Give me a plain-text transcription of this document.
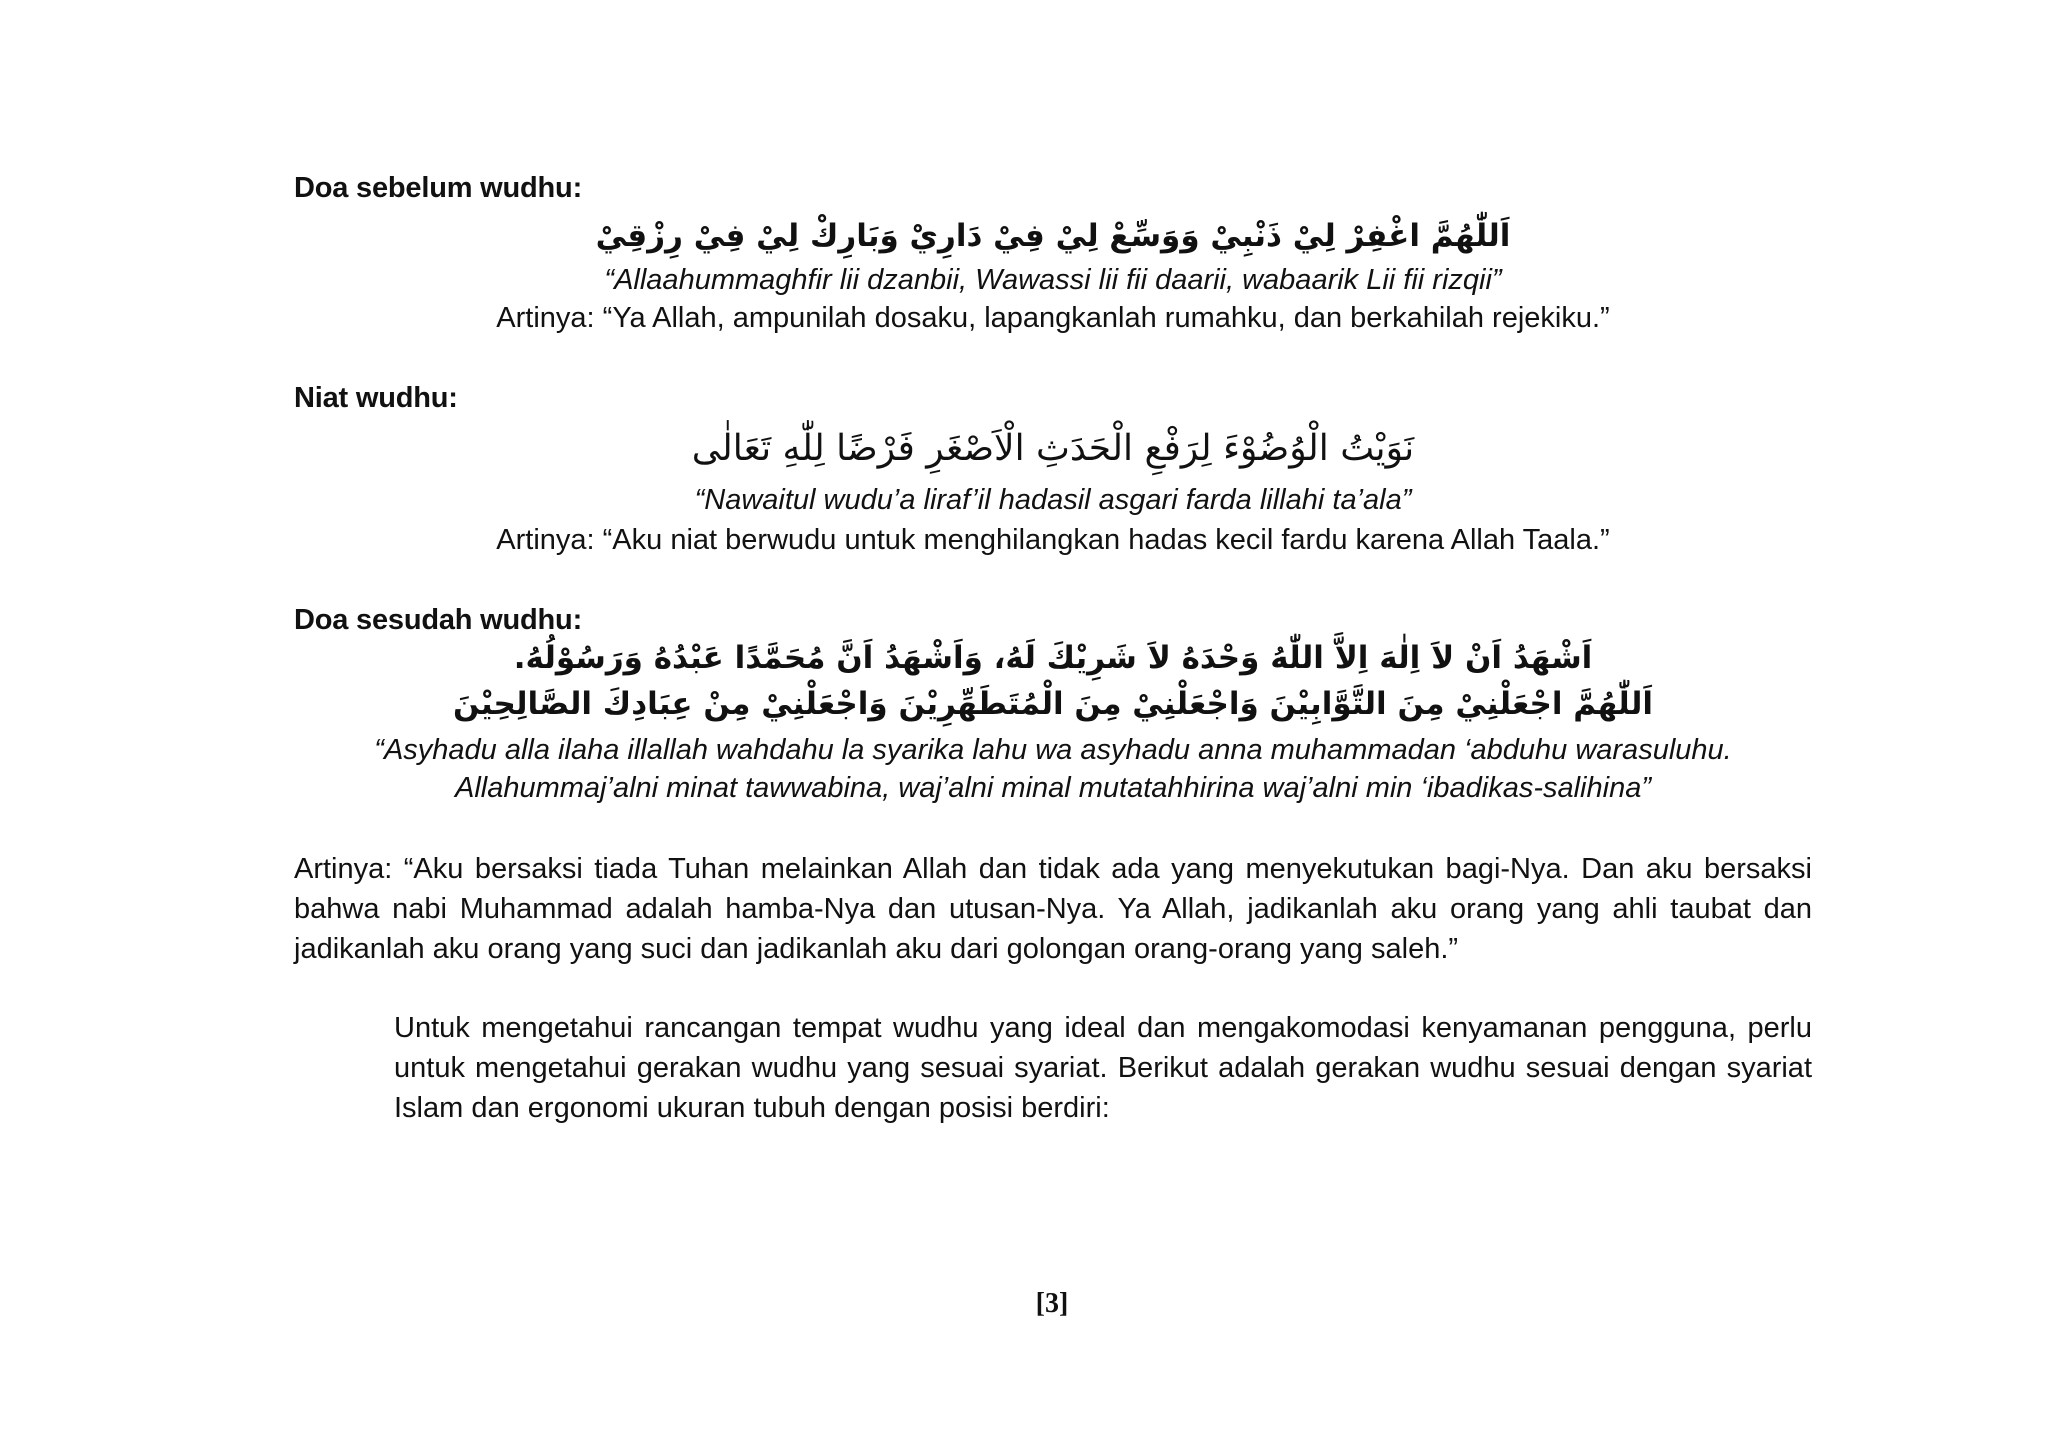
Doa sebelum wudhu:
اَللّٰهُمَّ اغْفِرْ لِيْ ذَنْبِيْ وَوَسِّعْ لِيْ فِيْ دَارِيْ وَبَارِكْ لِيْ فِيْ رِزْقِيْ
“Allaahummaghfir lii dzanbii, Wawassi lii fii daarii, wabaarik Lii fii rizqii”
Artinya: “Ya Allah, ampunilah dosaku, lapangkanlah rumahku, dan berkahilah rejekiku.”
Niat wudhu:
نَوَيْتُ الْوُضُوْءَ لِرَفْعِ الْحَدَثِ الْاَصْغَرِ فَرْضًا لِلّٰهِ تَعَالٰى
“Nawaitul wudu’a liraf’il hadasil asgari farda lillahi ta’ala”
Artinya: “Aku niat berwudu untuk menghilangkan hadas kecil fardu karena Allah Taala.”
Doa sesudah wudhu:
اَشْهَدُ اَنْ لاَ اِلٰهَ اِلاَّ اللّٰهُ وَحْدَهُ لاَ شَرِيْكَ لَهُ، وَاَشْهَدُ اَنَّ مُحَمَّدًا عَبْدُهُ وَرَسُوْلُهُ.
اَللّٰهُمَّ اجْعَلْنِيْ مِنَ التَّوَّابِيْنَ وَاجْعَلْنِيْ مِنَ الْمُتَطَهِّرِيْنَ وَاجْعَلْنِيْ مِنْ عِبَادِكَ الصَّالِحِيْنَ
“Asyhadu alla ilaha illallah wahdahu la syarika lahu wa asyhadu anna muhammadan ‘abduhu warasuluhu.
Allahummaj’alni minat tawwabina, waj’alni minal mutatahhirina waj’alni min ‘ibadikas-salihina”
Artinya: “Aku bersaksi tiada Tuhan melainkan Allah dan tidak ada yang menyekutukan bagi-Nya. Dan aku bersaksi bahwa nabi Muhammad adalah hamba-Nya dan utusan-Nya. Ya Allah, jadikanlah aku orang yang ahli taubat dan jadikanlah aku orang yang suci dan jadikanlah aku dari golongan orang-orang yang saleh.”
Untuk mengetahui rancangan tempat wudhu yang ideal dan mengakomodasi kenyamanan pengguna, perlu untuk mengetahui gerakan wudhu yang sesuai syariat. Berikut adalah gerakan wudhu sesuai dengan syariat Islam dan ergonomi ukuran tubuh dengan posisi berdiri:
[3]
